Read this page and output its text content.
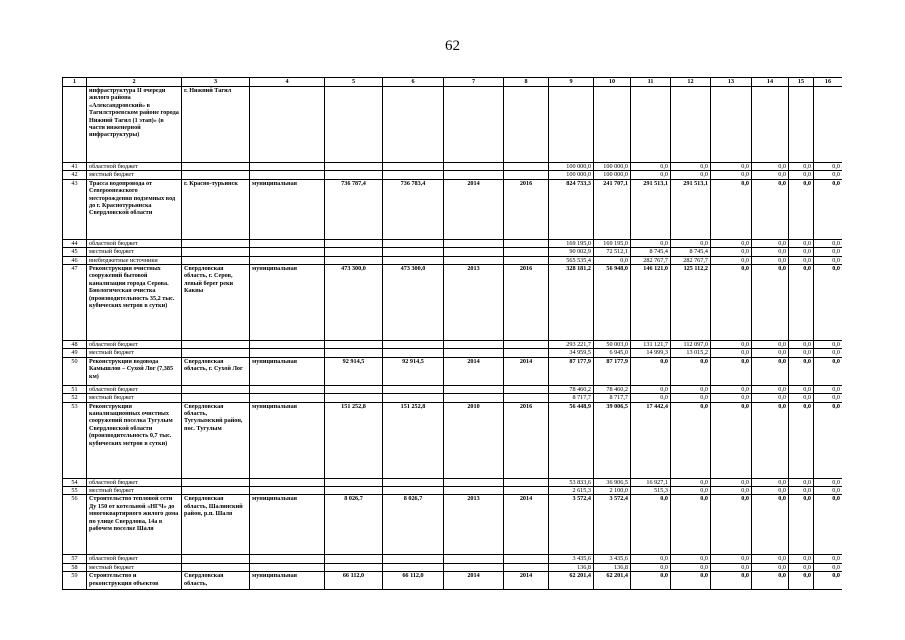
62
1	2	3	4	5	6	7	8	9	10	11	12	13	14	15	16
	инфраструктура II очереди жилого района «Александровский» в Тагилстроевском районе города Нижний Тагил (1 этап)» (в части инженерной инфраструктуры)	г. Нижний Тагил													
41	областной бюджет							100 000,0	100 000,0	0,0	0,0	0,0	0,0	0,0	0,0
42	местный бюджет							100 000,0	100 000,0	0,0	0,0	0,0	0,0	0,0	0,0
43	Трасса водопровода от Североонежского месторождения подземных вод до г. Краснотурьинска Свердловской области	г. Красно-турьинск	муниципальная	736 787,4	736 783,4	2014	2016	824 733,3	241 707,1	291 513,1	291 513,1	0,0	0,0	0,0	0,0
44	областной бюджет							169 195,0	169 195,0	0,0	0,0	0,0	0,0	0,0	0,0
45	местный бюджет							90 002,9	72 512,1	8 745,4	8 745,4	0,0	0,0	0,0	0,0
46	внебюджетные источники							565 535,4	0,0	282 767,7	282 767,7	0,0	0,0	0,0	0,0
47	Реконструкция очистных сооружений бытовой канализации города Серова. Биологическая очистка (производительность 35,2 тыс. кубических метров в сутки)	Свердловская область, г. Серов, левый берег реки Каквы	муниципальная	473 300,0	473 300,0	2013	2016	328 181,2	56 948,0	146 121,0	125 112,2	0,0	0,0	0,0	0,0
48	областной бюджет							293 221,7	50 003,0	131 121,7	112 097,0	0,0	0,0	0,0	0,0
49	местный бюджет							34 959,5	6 945,0	14 999,3	13 015,2	0,0	0,0	0,0	0,0
50	Реконструкция водовода Камышлов – Сухой Лог (7,385 км)	Свердловская область, г. Сухой Лог	муниципальная	92 914,5	92 914,5	2014	2014	87 177,9	87 177,9	0,0	0,0	0,0	0,0	0,0	0,0
51	областной бюджет							78 460,2	78 460,2	0,0	0,0	0,0	0,0	0,0	0,0
52	местный бюджет							8 717,7	8 717,7	0,0	0,0	0,0	0,0	0,0	0,0
53	Реконструкция канализационных очистных сооружений поселка Тугулым Свердловской области (производительность 0,7 тыс. кубических метров в сутки)	Свердловская область, Тугулымский район, пос. Тугулым	муниципальная	151 252,8	151 252,8	2010	2016	56 448,9	39 006,5	17 442,4	0,0	0,0	0,0	0,0	0,0
54	областной бюджет							53 833,6	36 906,5	16 927,1	0,0	0,0	0,0	0,0	0,0
55	местный бюджет							2 615,3	2 100,0	515,3	0,0	0,0	0,0	0,0	0,0
56	Строительство тепловой сети Ду 150 от котельной «НГЧ» до многоквартирного жилого дома по улице Свердлова, 14а в рабочем поселке Шаля	Свердловская область, Шалинский район, р.п. Шаля	муниципальная	8 026,7	8 026,7	2013	2014	3 572,4	3 572,4	0,0	0,0	0,0	0,0	0,0	0,0
57	областной бюджет							3 435,6	3 435,6	0,0	0,0	0,0	0,0	0,0	0,0
58	местный бюджет							136,8	136,8	0,0	0,0	0,0	0,0	0,0	0,0
59	Строительство и реконструкция объектов	Свердловская область,	муниципальная	66 112,0	66 112,0	2014	2014	62 201,4	62 201,4	0,0	0,0	0,0	0,0	0,0	0,0
